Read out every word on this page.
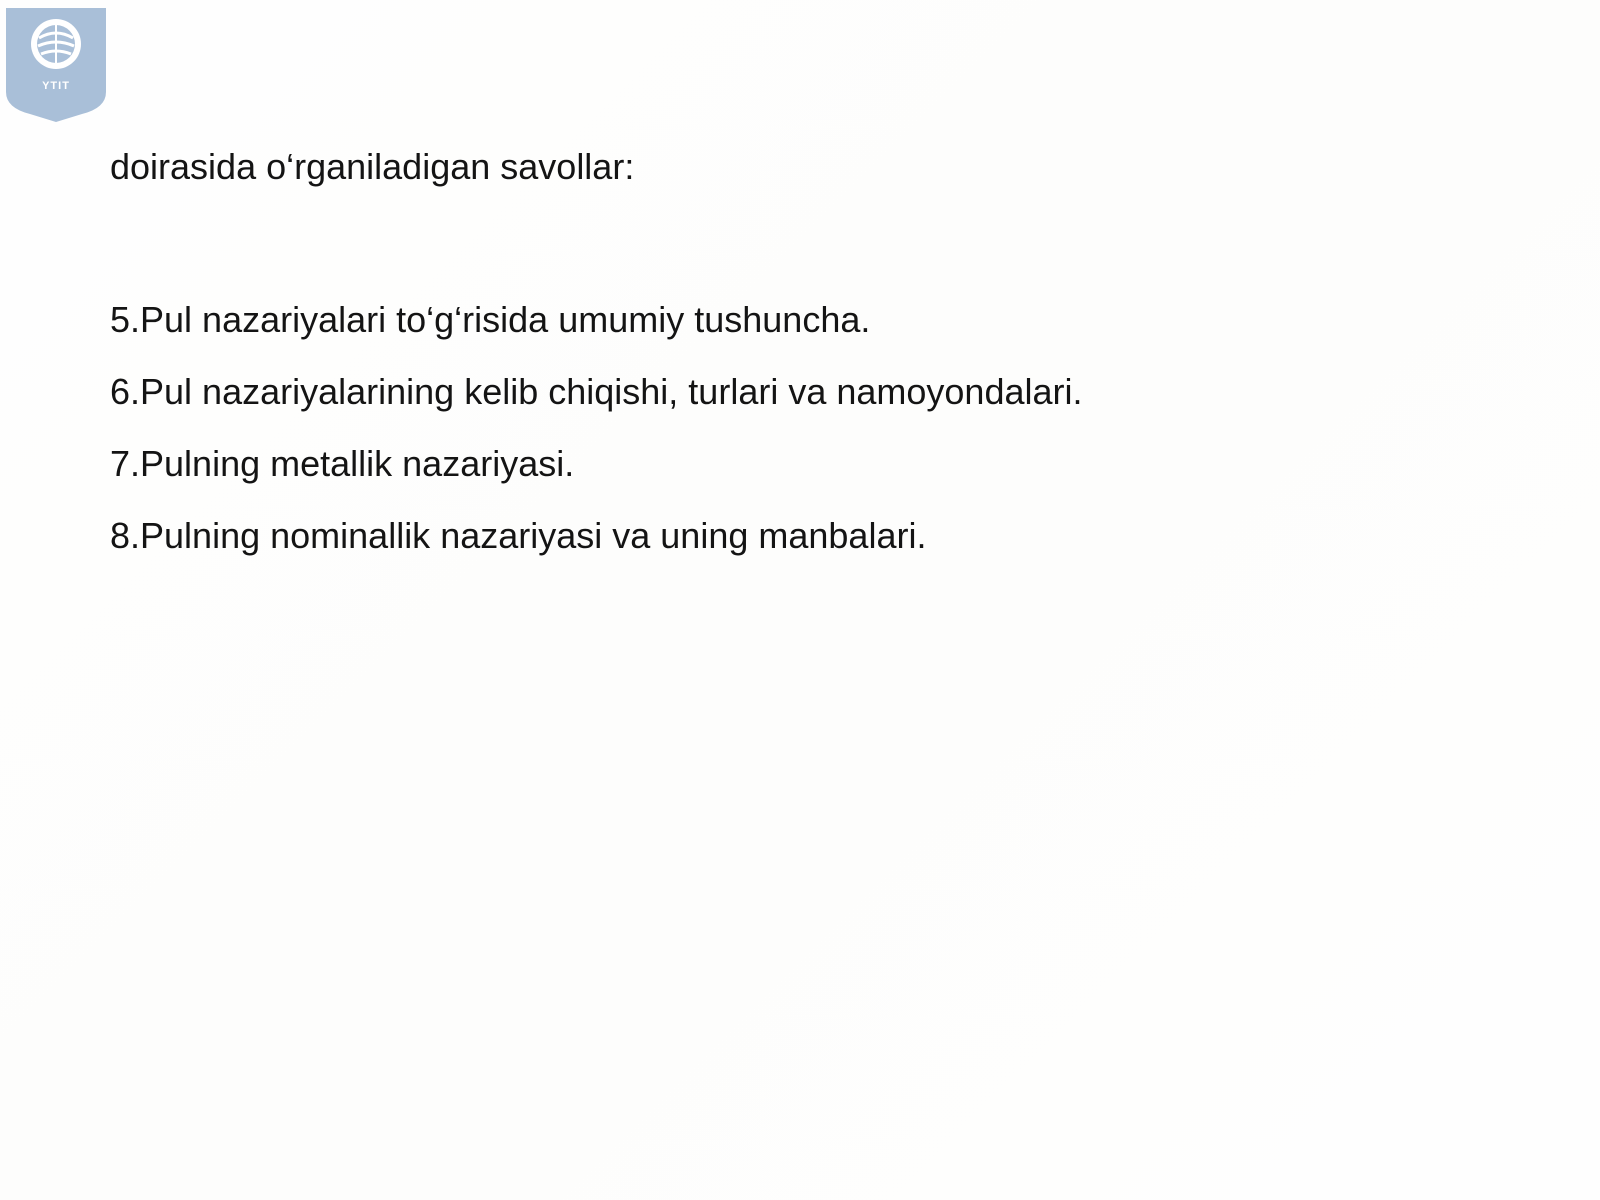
YTIT
doirasida o‘rganiladigan savollar:
5.Pul nazariyalari to‘g‘risida umumiy tushuncha.
6.Pul nazariyalarining kelib chiqishi, turlari va namoyondalari.
7.Pulning metallik nazariyasi.
8.Pulning nominallik nazariyasi va uning manbalari.
